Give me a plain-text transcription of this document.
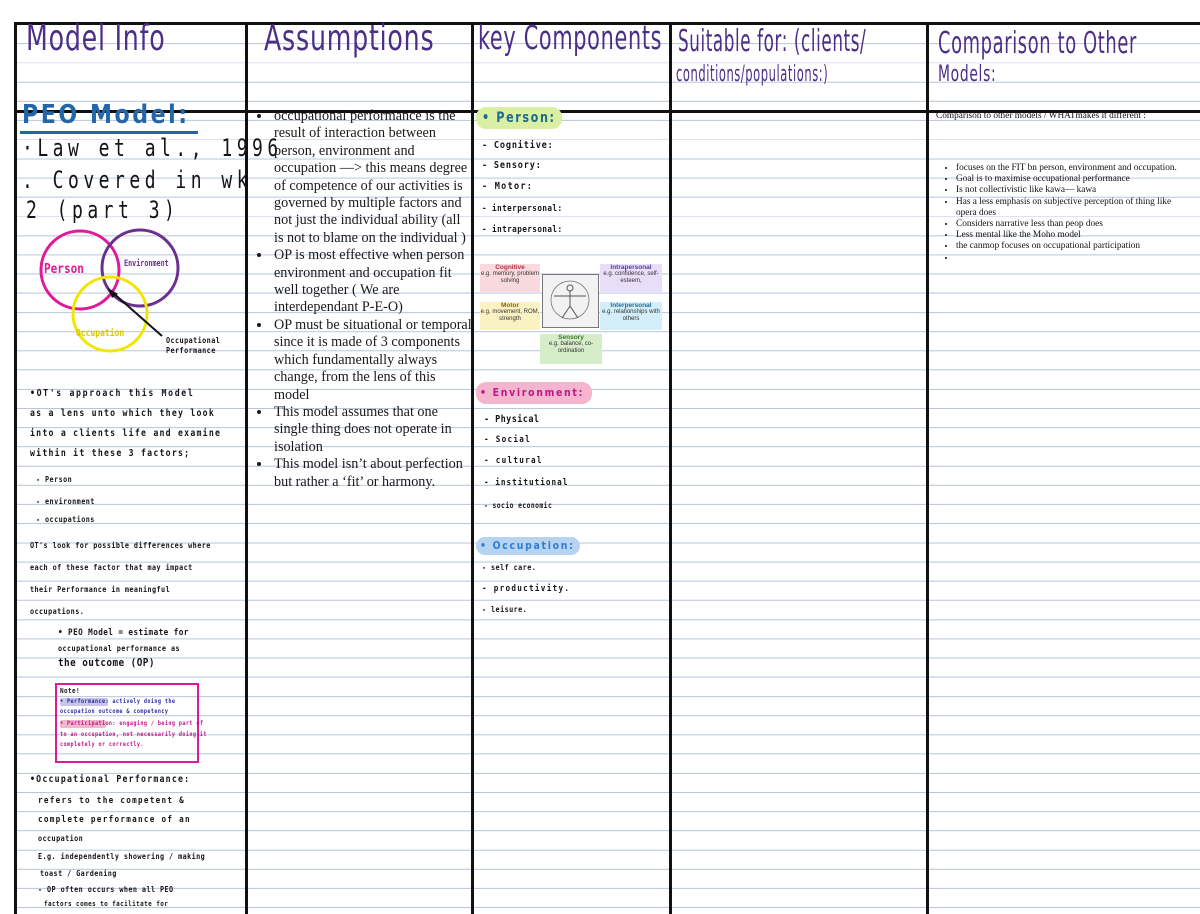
Model Info	Assumptions key Components Suitable for: (clients/
conditions/populations:)
Comparison to Other
Models:
PEO Model:
·Law et al., 1996
. Covered in wk
2 (part 3)
Person	Environment
Occupation
Occupational
Performance
•OT's approach this Model
as a lens unto which they look
into a clients life and examine
within it these 3 factors;
- Person
- environment
- occupations
OT's look for possible differences where
each of these factor that may impact
their Performance in meaningful
occupations.
• PEO Model = estimate for
occupational performance as
the outcome (OP)
Note!
• Performance: actively doing the
occupation outcome & competency
• Participation: engaging / being part of
to an occupation, not necessarily doing it
completely or correctly.
•Occupational Performance:
refers to the competent &
complete performance of an
occupation
E.g. independently showering / making
toast / Gardening
- OP often occurs when all PEO
factors comes to facilitate for
• occupational performance is the result of interaction between person, environment and occupation —> this means degree of competence of our activities is governed by multiple factors and not just the individual ability (all is not to blame on the individual )
• OP is most effective when person environment and occupation fit well together ( We are interdependant P-E-O)
• OP must be situational or temporal since it is made of 3 components which fundamentally always change, from the lens of this model
• This model assumes that one single thing does not operate in isolation
• This model isn’t about perfection but rather a ‘fit’ or harmony.
• Person:
- Cognitive:
- Sensory:
- Motor:
- interpersonal:
- intrapersonal:
Cognitive
e.g. memory, problem solving
Intrapersonal
e.g. confidence, self-esteem,
Motor
e.g. movement, ROM, strength
Interpersonal
e.g. relationships with others
Sensory
e.g. balance, co-ordination
• Environment:
- Physical
- Social
- cultural
- institutional
- socio economic
• Occupation:
- self care.
- productivity.
- leisure.
Comparison to other models / WHATmakes it different :
• focuses on the FIT bn person, environment and occupation.
• Goal is to maximise occupational performance
• Is not collectivistic like kawa— kawa
• Has a less emphasis on subjective perception of thing like opera does
• Considers narrative less than peop does
• Less mental like the Moho model
• the canmop focuses on occupational participation
•
